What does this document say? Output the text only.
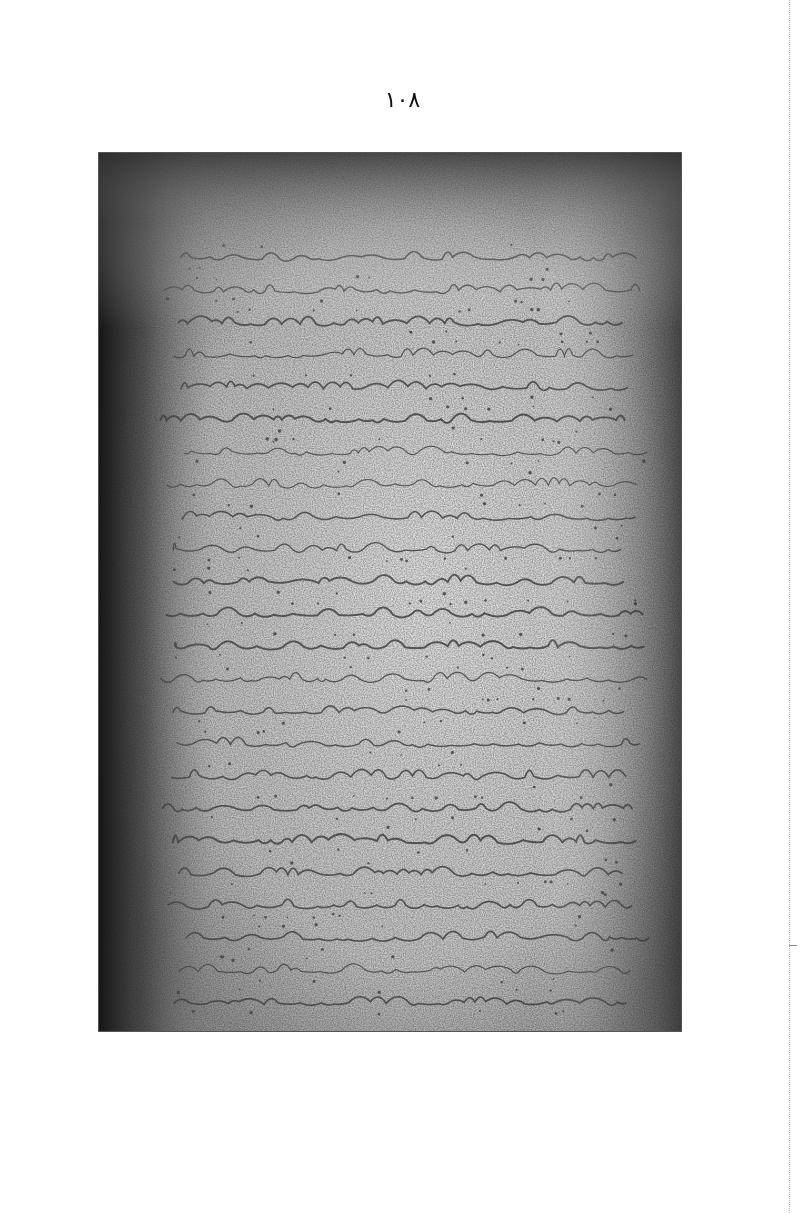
١٠٨
